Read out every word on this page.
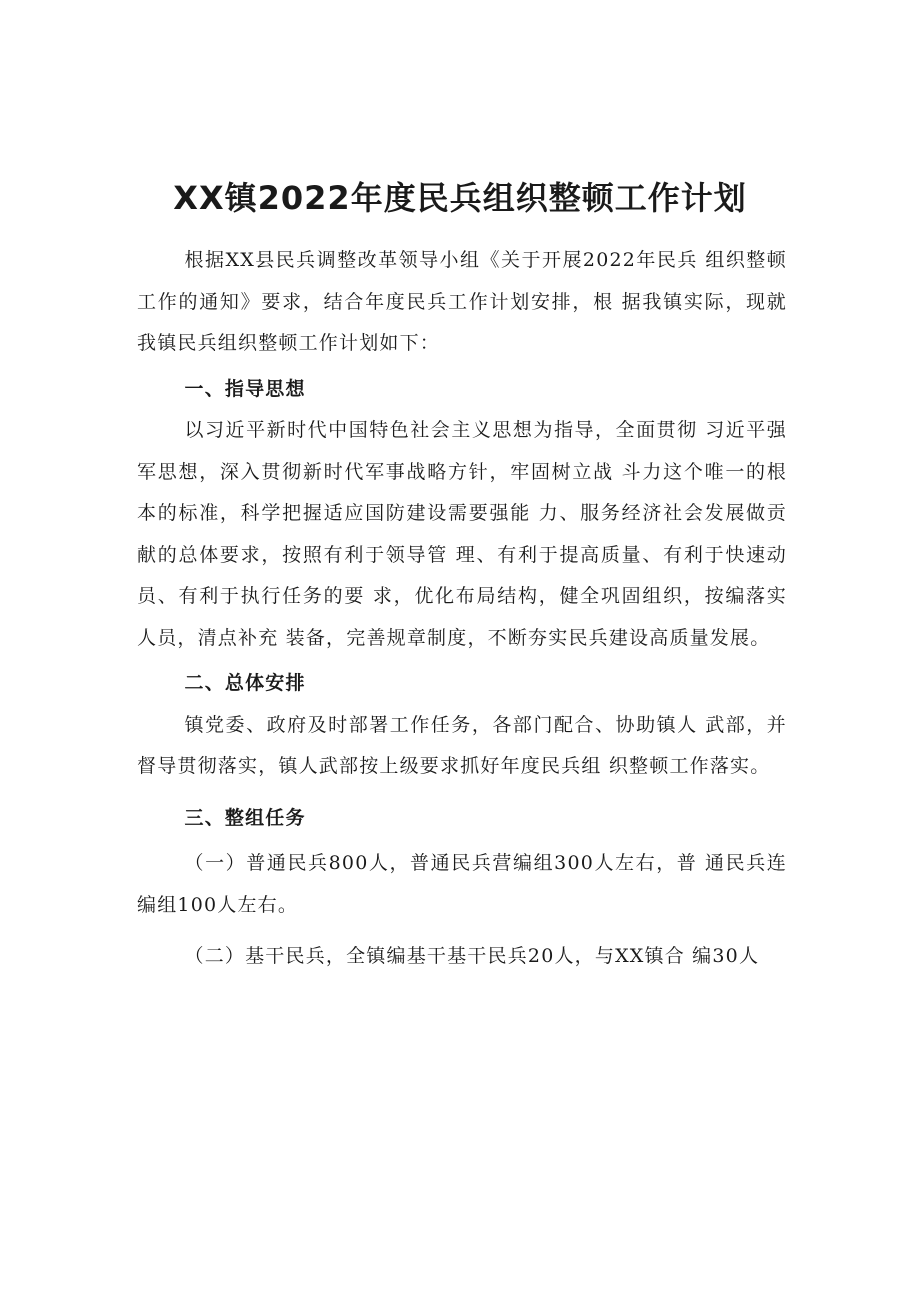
XX镇2022年度民兵组织整顿工作计划

根据XX县民兵调整改革领导小组《关于开展2022年民兵 组织整顿工作的通知》要求，结合年度民兵工作计划安排，根 据我镇实际，现就我镇民兵组织整顿工作计划如下：

一、指导思想

以习近平新时代中国特色社会主义思想为指导，全面贯彻 习近平强军思想，深入贯彻新时代军事战略方针，牢固树立战 斗力这个唯一的根本的标准，科学把握适应国防建设需要强能 力、服务经济社会发展做贡献的总体要求，按照有利于领导管 理、有利于提高质量、有利于快速动员、有利于执行任务的要 求，优化布局结构，健全巩固组织，按编落实人员，清点补充 装备，完善规章制度，不断夯实民兵建设高质量发展。

二、总体安排

镇党委、政府及时部署工作任务，各部门配合、协助镇人 武部，并督导贯彻落实，镇人武部按上级要求抓好年度民兵组 织整顿工作落实。

三、整组任务

（一）普通民兵800人，普通民兵营编组300人左右，普 通民兵连编组100人左右。

（二）基干民兵，全镇编基干基干民兵20人，与XX镇合 编30人
